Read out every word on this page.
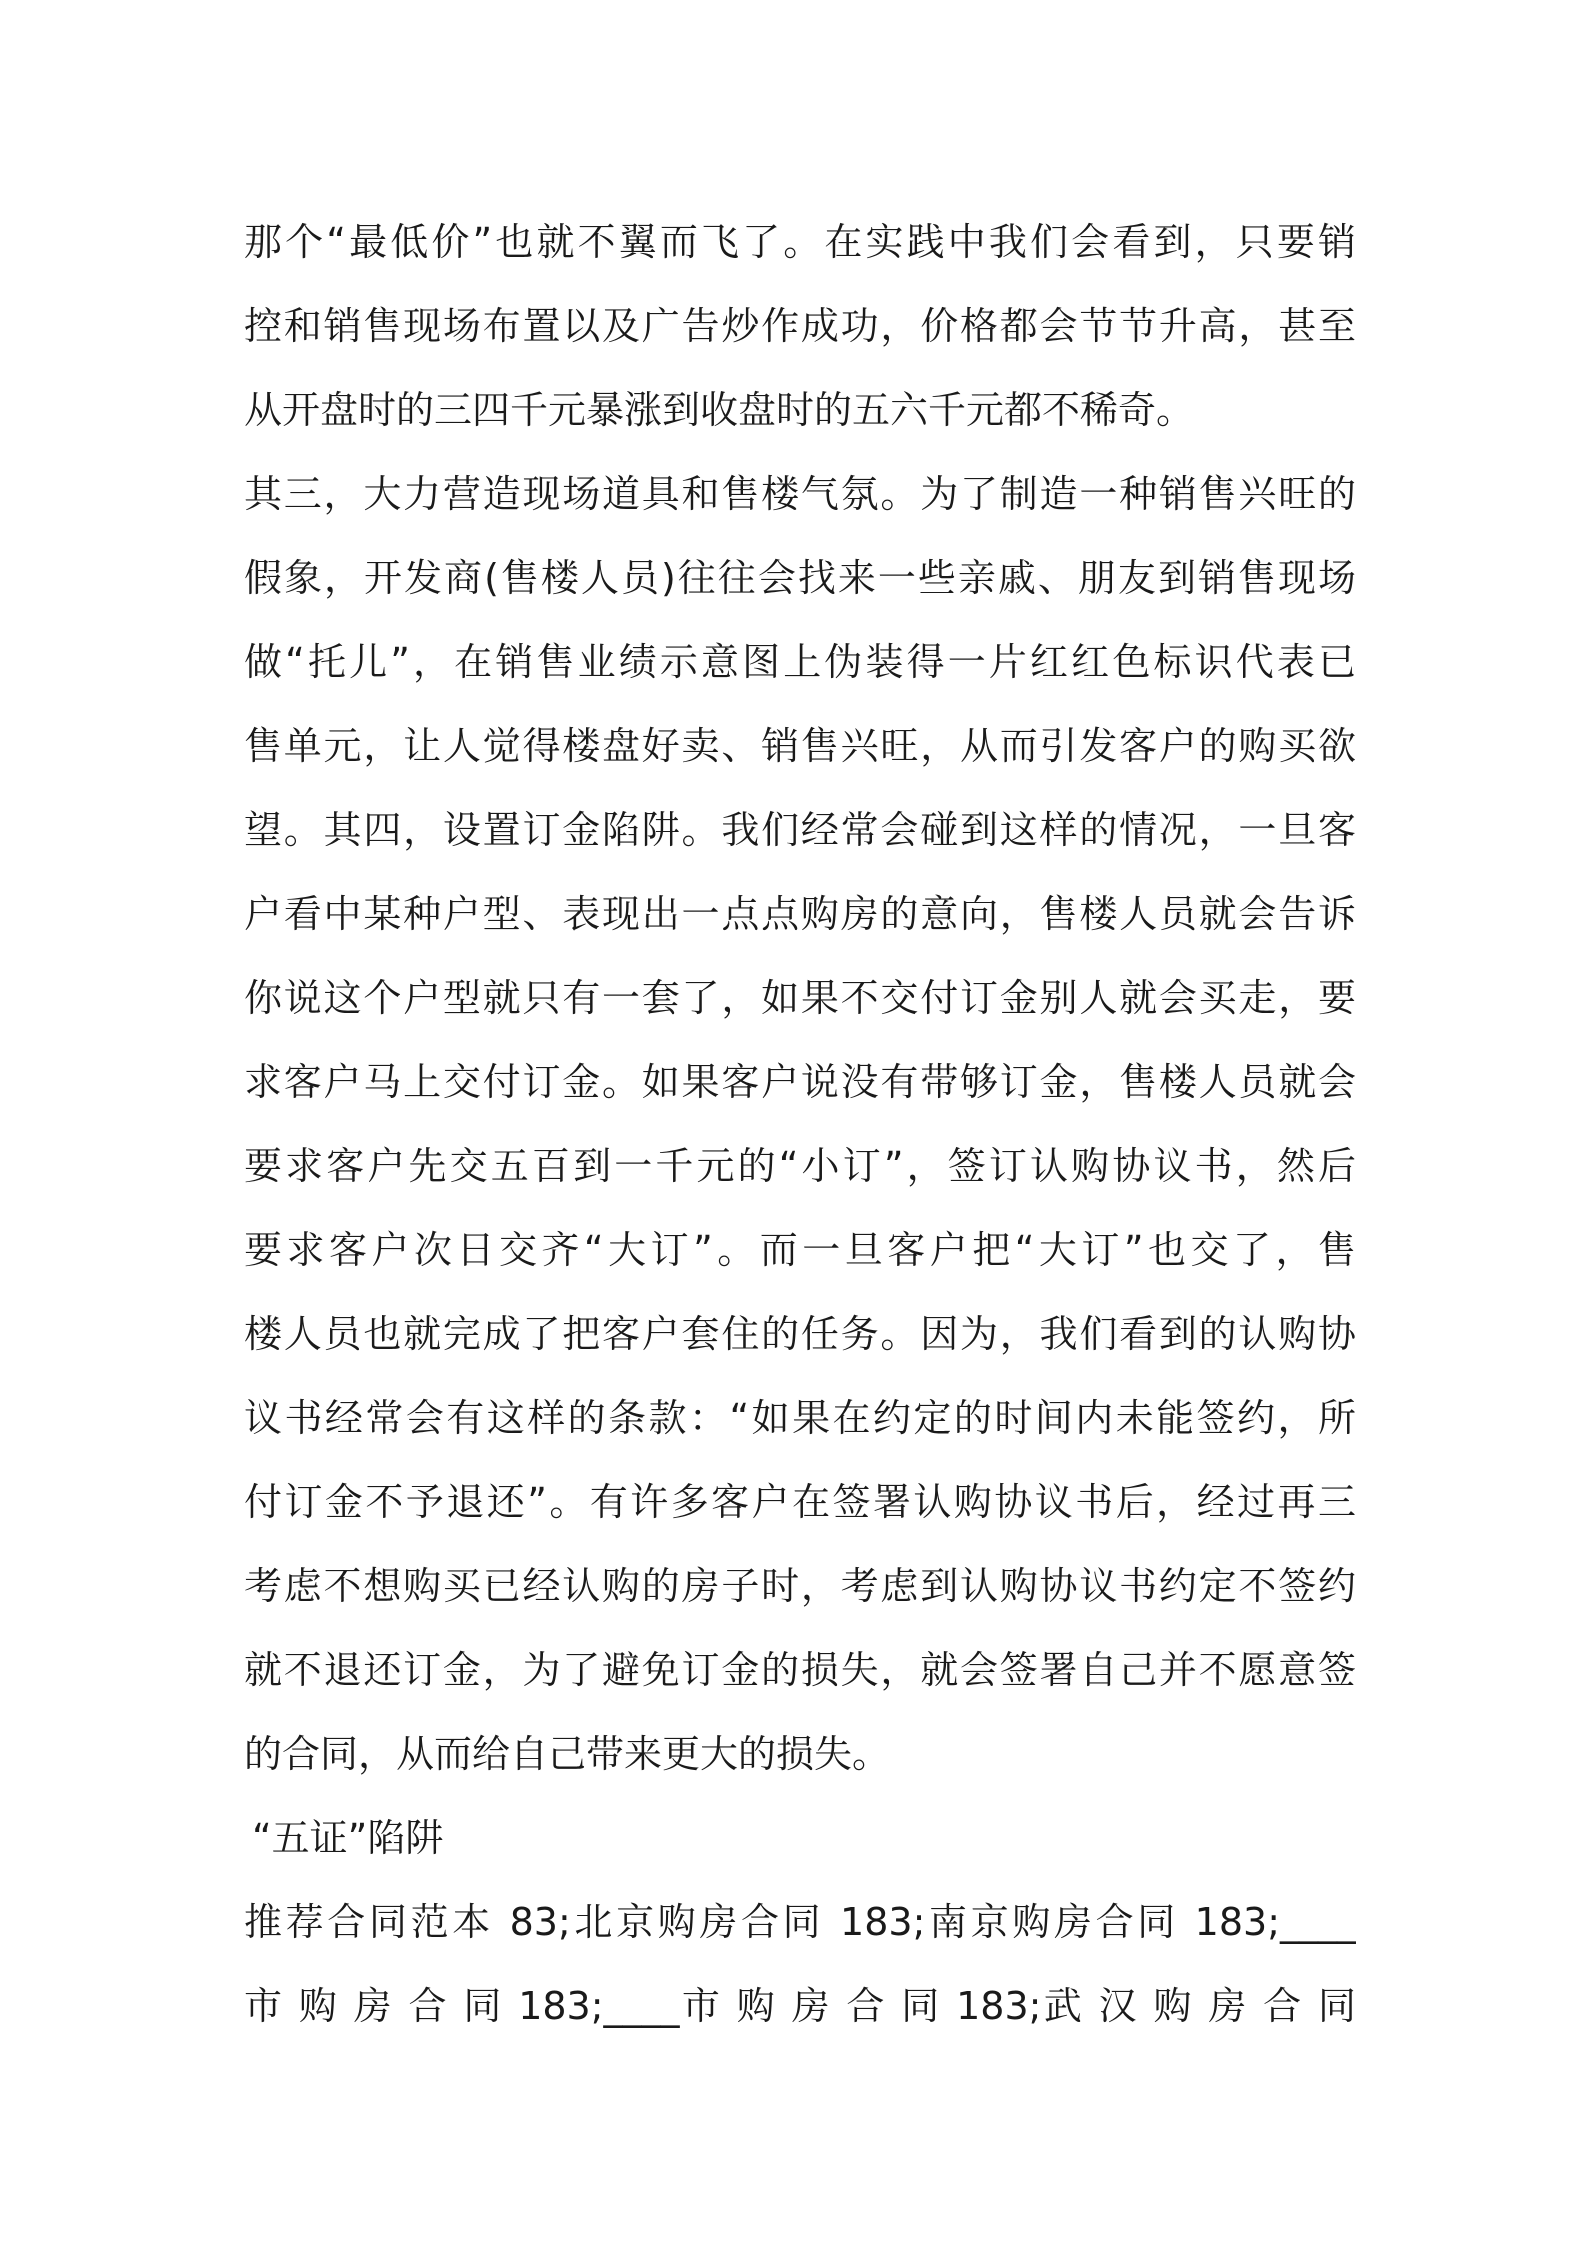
那个“最低价”也就不翼而飞了。在实践中我们会看到，只要销
控和销售现场布置以及广告炒作成功，价格都会节节升高，甚至
从开盘时的三四千元暴涨到收盘时的五六千元都不稀奇。
其三，大力营造现场道具和售楼气氛。为了制造一种销售兴旺的
假象，开发商(售楼人员)往往会找来一些亲戚、朋友到销售现场
做“托儿”，在销售业绩示意图上伪装得一片红红色标识代表已
售单元，让人觉得楼盘好卖、销售兴旺，从而引发客户的购买欲
望。其四，设置订金陷阱。我们经常会碰到这样的情况，一旦客
户看中某种户型、表现出一点点购房的意向，售楼人员就会告诉
你说这个户型就只有一套了，如果不交付订金别人就会买走，要
求客户马上交付订金。如果客户说没有带够订金，售楼人员就会
要求客户先交五百到一千元的“小订”，签订认购协议书，然后
要求客户次日交齐“大订”。而一旦客户把“大订”也交了，售
楼人员也就完成了把客户套住的任务。因为，我们看到的认购协
议书经常会有这样的条款：“如果在约定的时间内未能签约，所
付订金不予退还”。有许多客户在签署认购协议书后，经过再三
考虑不想购买已经认购的房子时，考虑到认购协议书约定不签约
就不退还订金，为了避免订金的损失，就会签署自己并不愿意签
的合同，从而给自己带来更大的损失。
“五证”陷阱
推荐合同范本 83;北京购房合同 183;南京购房合同 183;____
市 购 房 合 同 183;____市 购 房 合 同 183;武 汉 购 房 合 同
